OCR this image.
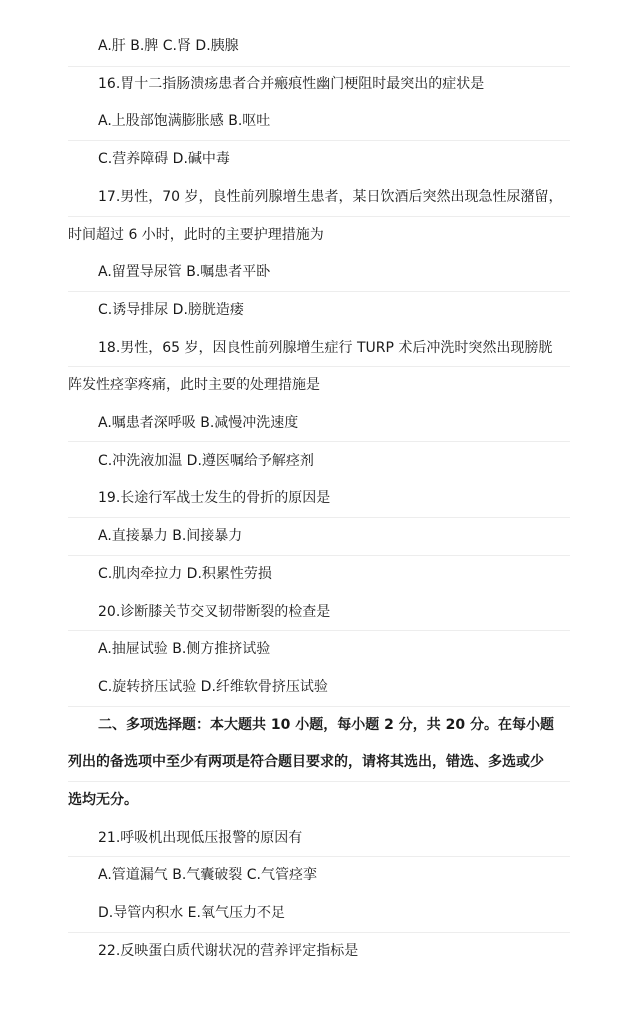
A.肝 B.脾 C.肾 D.胰腺
16.胃十二指肠溃疡患者合并瘢痕性幽门梗阻时最突出的症状是
A.上股部饱满膨胀感 B.呕吐
C.营养障碍 D.碱中毒
17.男性，70 岁，良性前列腺增生患者，某日饮酒后突然出现急性尿潴留，
时间超过 6 小时，此时的主要护理措施为
A.留置导尿管 B.嘱患者平卧
C.诱导排尿 D.膀胱造瘘
18.男性，65 岁，因良性前列腺增生症行 TURP 术后冲洗时突然出现膀胱
阵发性痉挛疼痛，此时主要的处理措施是
A.嘱患者深呼吸 B.减慢冲洗速度
C.冲洗液加温 D.遵医嘱给予解痉剂
19.长途行军战士发生的骨折的原因是
A.直接暴力 B.间接暴力
C.肌肉牵拉力 D.积累性劳损
20.诊断膝关节交叉韧带断裂的检查是
A.抽屉试验 B.侧方推挤试验
C.旋转挤压试验 D.纤维软骨挤压试验
二、多项选择题：本大题共 10 小题，每小题 2 分，共 20 分。在每小题
列出的备选项中至少有两项是符合题目要求的，请将其选出，错选、多选或少
选均无分。
21.呼吸机出现低压报警的原因有
A.管道漏气 B.气囊破裂 C.气管痉挛
D.导管内积水 E.氧气压力不足
22.反映蛋白质代谢状况的营养评定指标是
